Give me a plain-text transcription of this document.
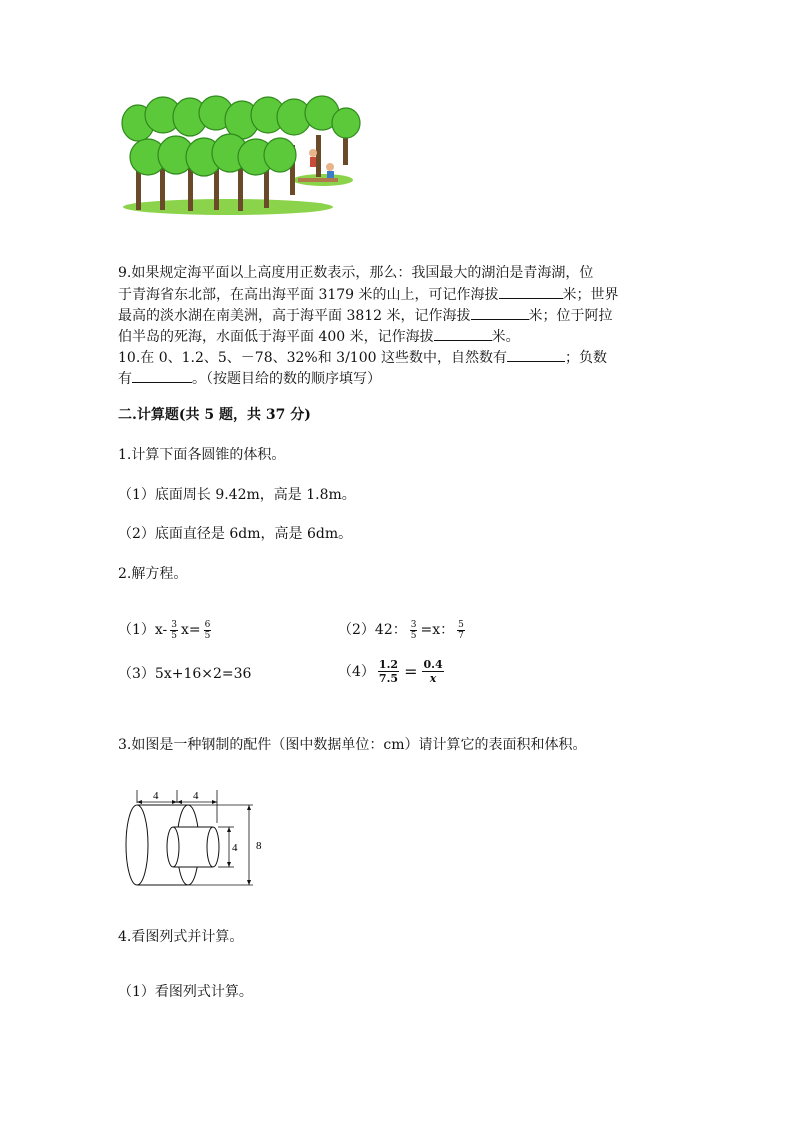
9.如果规定海平面以上高度用正数表示，那么：我国最大的湖泊是青海湖，位
于青海省东北部，在高出海平面 3179 米的山上，可记作海拔	米；世界
最高的淡水湖在南美洲，高于海平面 3812 米，记作海拔	米；位于阿拉
伯半岛的死海，水面低于海平面 400 米，记作海拔	米。
10.在 0、1.2、5、－78、32%和 3/100 这些数中，自然数有	；负数
有	。（按题目给的数的顺序填写）
二.计算题(共 5 题，共 37 分)
1.计算下面各圆锥的体积。
（1）底面周长 9.42m，高是 1.8m。
（2）底面直径是 6dm，高是 6dm。
2.解方程。
$(1)x- \frac{3}{5} x= \frac{6}{5}$	（2）42： $\frac{3}{5} =x$： $\frac{5}{7}$
（3）5x+16×2=36	$(4) \frac{1.2}{7.5} = \frac{0.4}{x}$
3.如图是一种钢制的配件（图中数据单位：cm）请计算它的表面积和体积。
4	4
4 8
4.看图列式并计算。
（1）看图列式计算。
